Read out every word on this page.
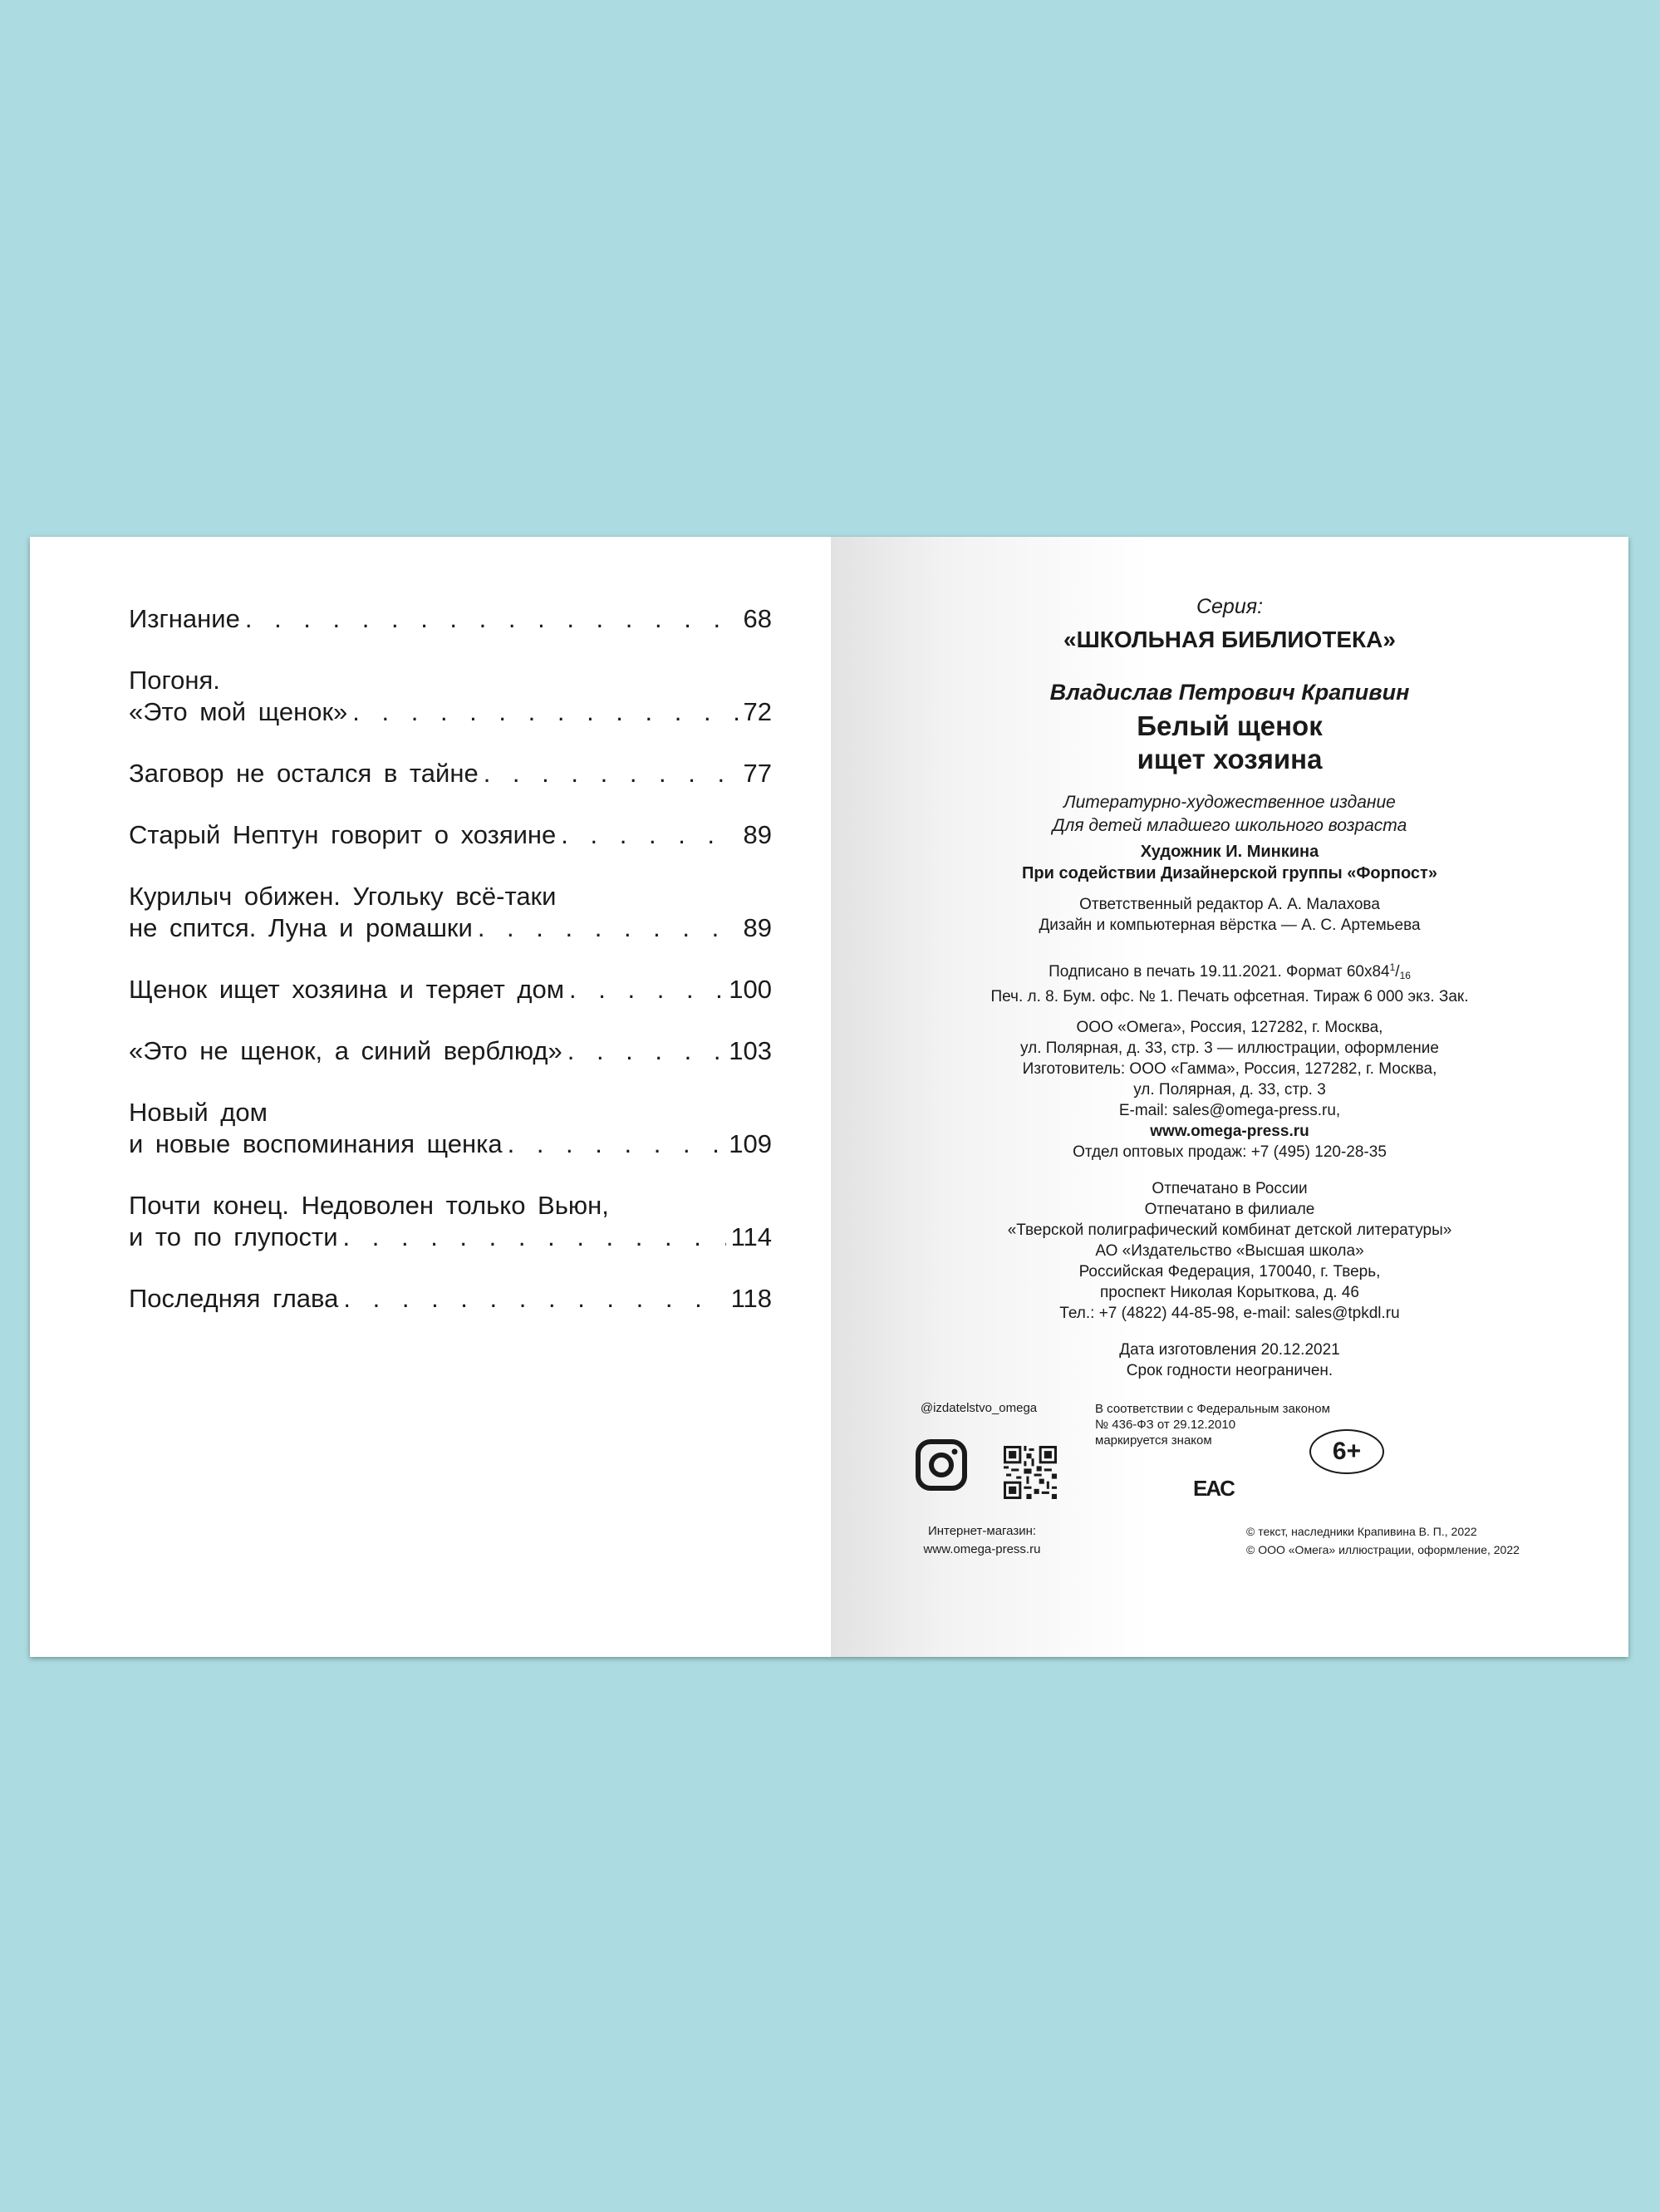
Изгнание . . .	68
Погоня.
«Это мой щенок» . . .	72
Заговор не остался в тайне . . .	77
Старый Нептун говорит о хозяине . . .	89
Курилыч обижен. Угольку всё-таки
не спится. Луна и ромашки . . .	89
Щенок ищет хозяина и теряет дом . . .	100
«Это не щенок, а синий верблюд» . . .	103
Новый дом
и новые воспоминания щенка . . .	109
Почти конец. Недоволен только Вьюн,
и то по глупости . . .	114
Последняя глава . . .	118
Серия:
«ШКОЛЬНАЯ БИБЛИОТЕКА»
Владислав Петрович Крапивин
Белый щенок
ищет хозяина
Литературно-художественное издание
Для детей младшего школьного возраста
Художник И. Минкина
При содействии Дизайнерской группы «Форпост»
Ответственный редактор А. А. Малахова
Дизайн и компьютерная вёрстка — А. С. Артемьева
Подписано в печать 19.11.2021. Формат $60х84^1/_{16}$
Печ. л. 8. Бум. офс. № 1. Печать офсетная. Тираж 6 000 экз. Зак.
ООО «Омега», Россия, 127282, г. Москва,
ул. Полярная, д. 33, стр. 3 — иллюстрации, оформление
Изготовитель: ООО «Гамма», Россия, 127282, г. Москва,
ул. Полярная, д. 33, стр. 3
E-mail: sales@omega-press.ru,
www.omega-press.ru
Отдел оптовых продаж: +7 (495) 120-28-35
Отпечатано в России
Отпечатано в филиале
«Тверской полиграфический комбинат детской литературы»
АО «Издательство «Высшая школа»
Российская Федерация, 170040, г. Тверь,
проспект Николая Корыткова, д. 46
Тел.: +7 (4822) 44-85-98, e-mail: sales@tpkdl.ru
Дата изготовления 20.12.2021
Срок годности неограничен.
@izdatelstvo_omega
Интернет-магазин:
www.omega-press.ru
В соответствии с Федеральным законом
№ 436-ФЗ от 29.12.2010
маркируется знаком	6+
EAC
© текст, наследники Крапивина В. П., 2022
© ООО «Омега» иллюстрации, оформление, 2022
